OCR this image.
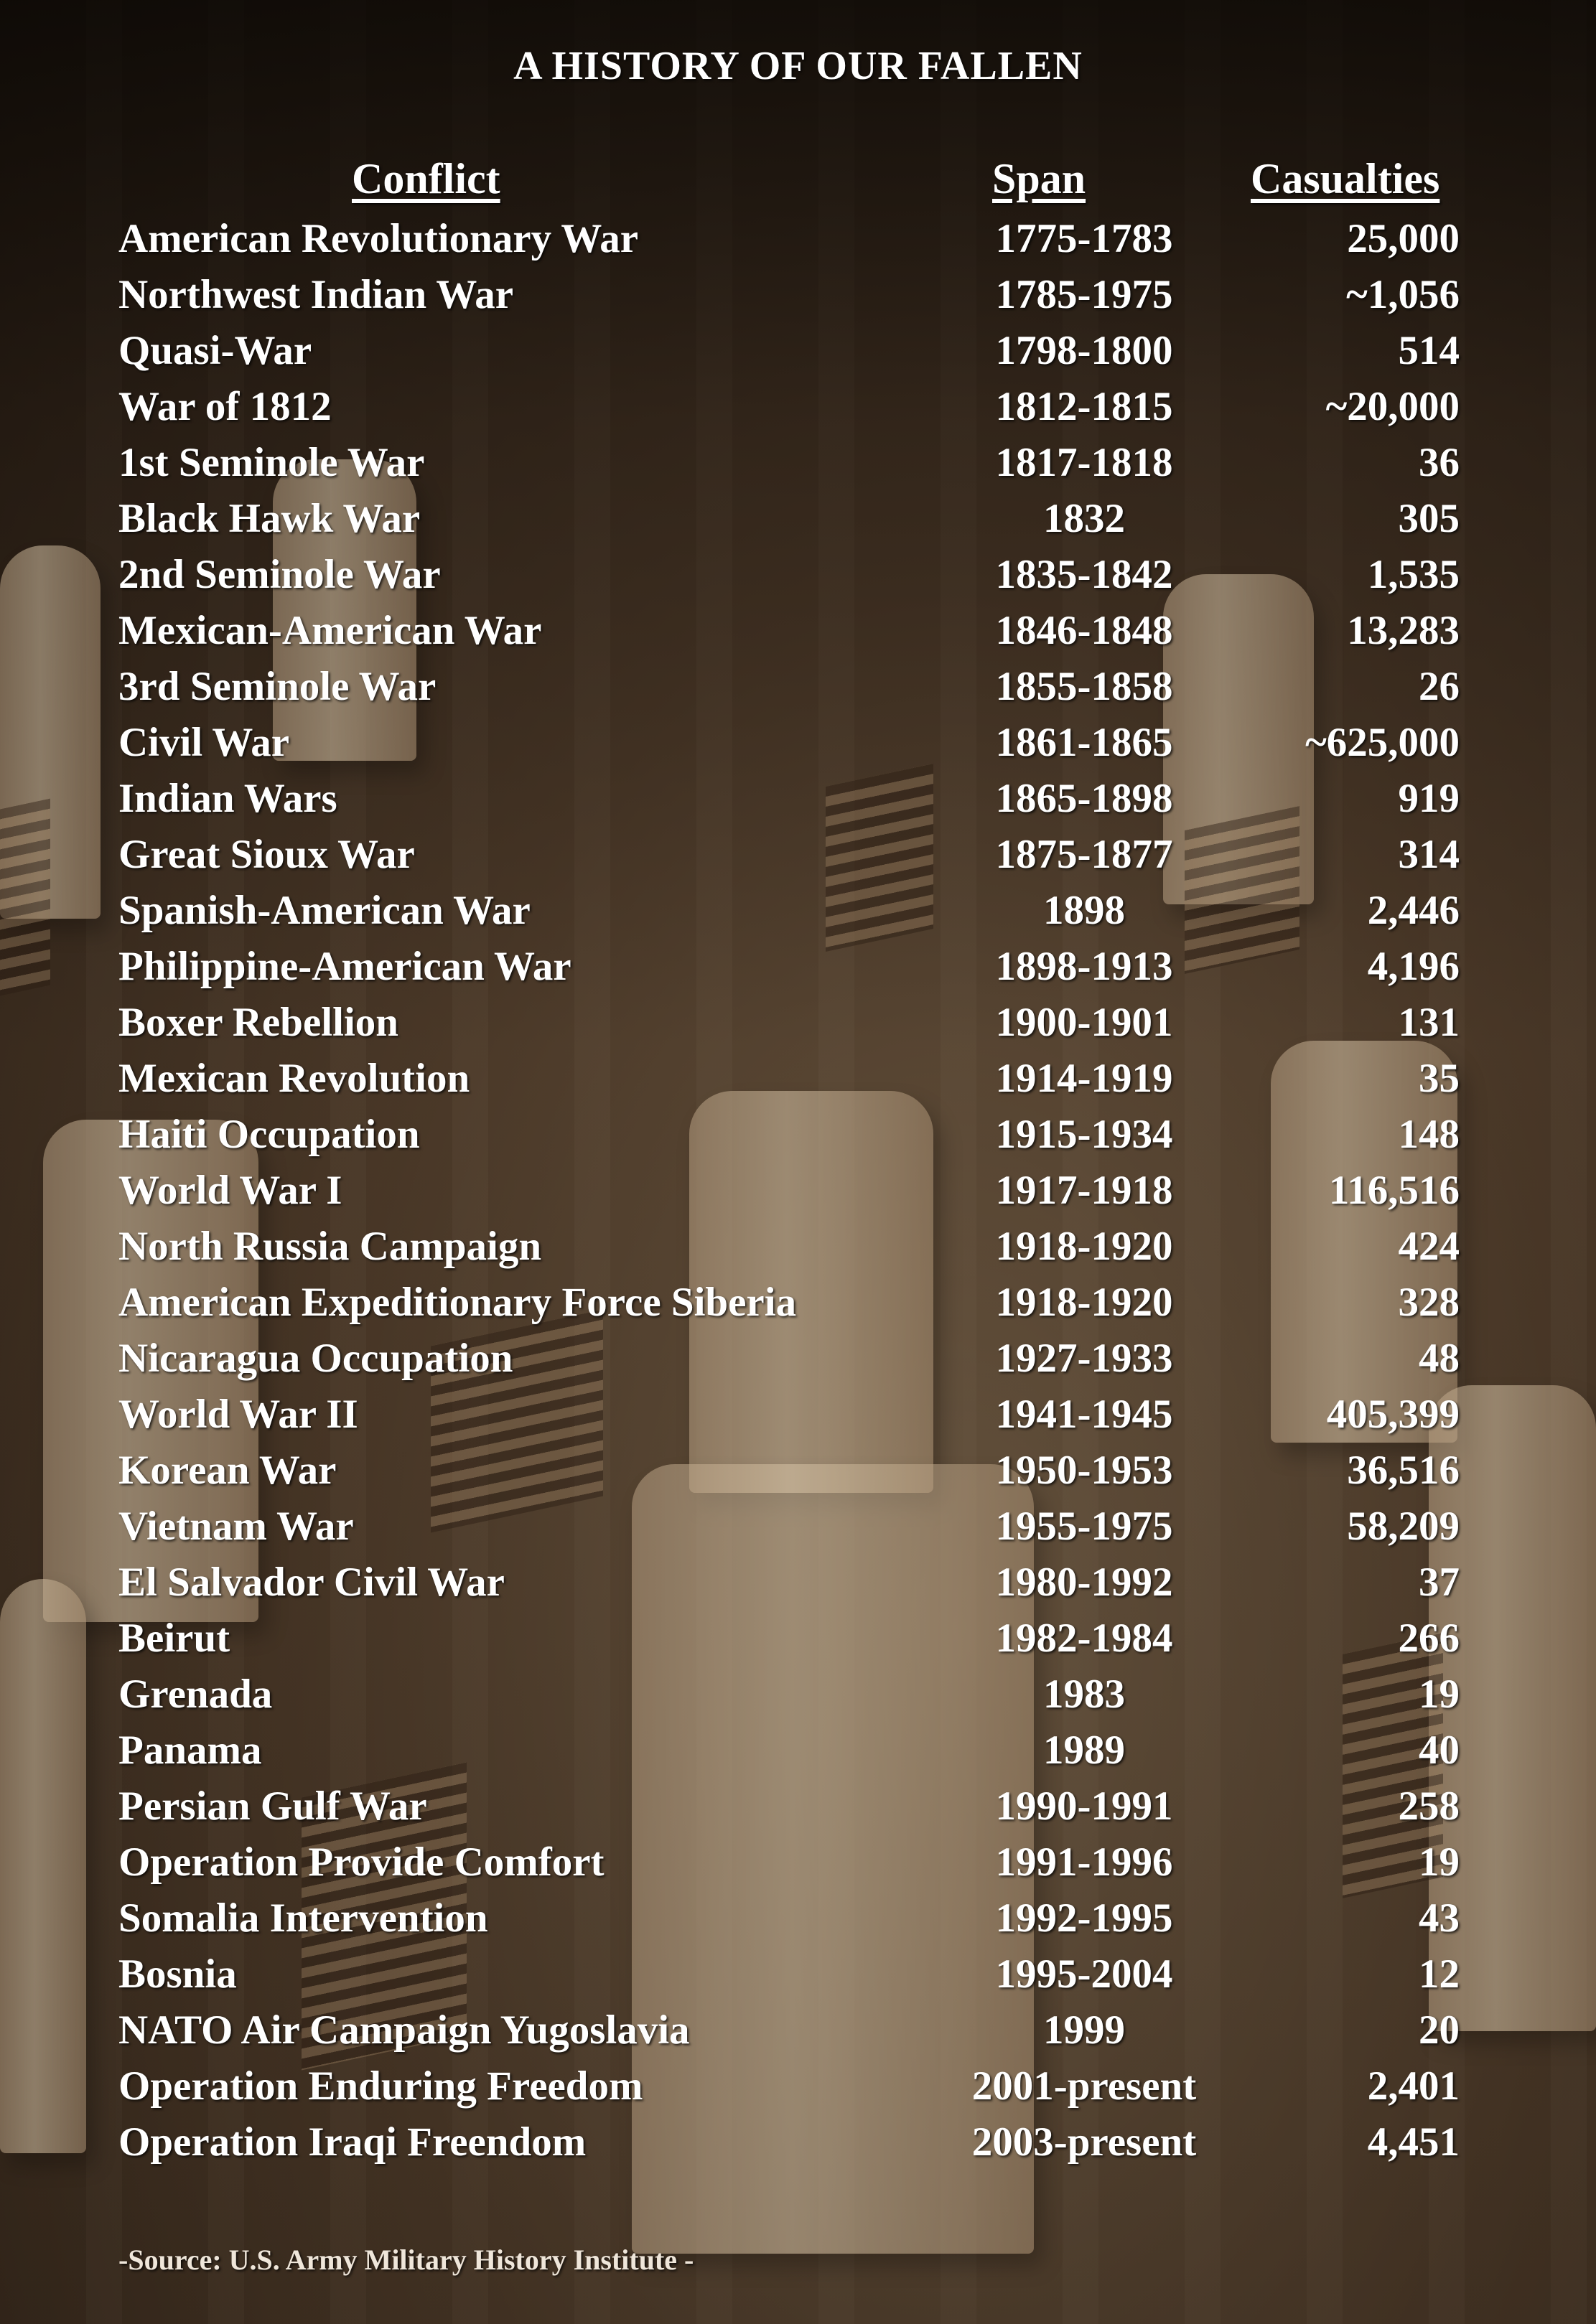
A HISTORY OF OUR FALLEN
Conflict	Span	Casualties
American Revolutionary War	1775-1783	25,000
Northwest Indian War	1785-1975	~1,056
Quasi-War	1798-1800	514
War of 1812	1812-1815	~20,000
1st Seminole War	1817-1818	36
Black Hawk War	1832	305
2nd Seminole War	1835-1842	1,535
Mexican-American War	1846-1848	13,283
3rd Seminole War	1855-1858	26
Civil War	1861-1865	~625,000
Indian Wars	1865-1898	919
Great Sioux War	1875-1877	314
Spanish-American War	1898	2,446
Philippine-American War	1898-1913	4,196
Boxer Rebellion	1900-1901	131
Mexican Revolution	1914-1919	35
Haiti Occupation	1915-1934	148
World War I	1917-1918	116,516
North Russia Campaign	1918-1920	424
American Expeditionary Force Siberia	1918-1920	328
Nicaragua Occupation	1927-1933	48
World War II	1941-1945	405,399
Korean War	1950-1953	36,516
Vietnam War	1955-1975	58,209
El Salvador Civil War	1980-1992	37
Beirut	1982-1984	266
Grenada	1983	19
Panama	1989	40
Persian Gulf War	1990-1991	258
Operation Provide Comfort	1991-1996	19
Somalia Intervention	1992-1995	43
Bosnia	1995-2004	12
NATO Air Campaign Yugoslavia	1999	20
Operation Enduring Freedom	2001-present	2,401
Operation Iraqi Freendom	2003-present	4,451
-Source: U.S. Army Military History Institute -
